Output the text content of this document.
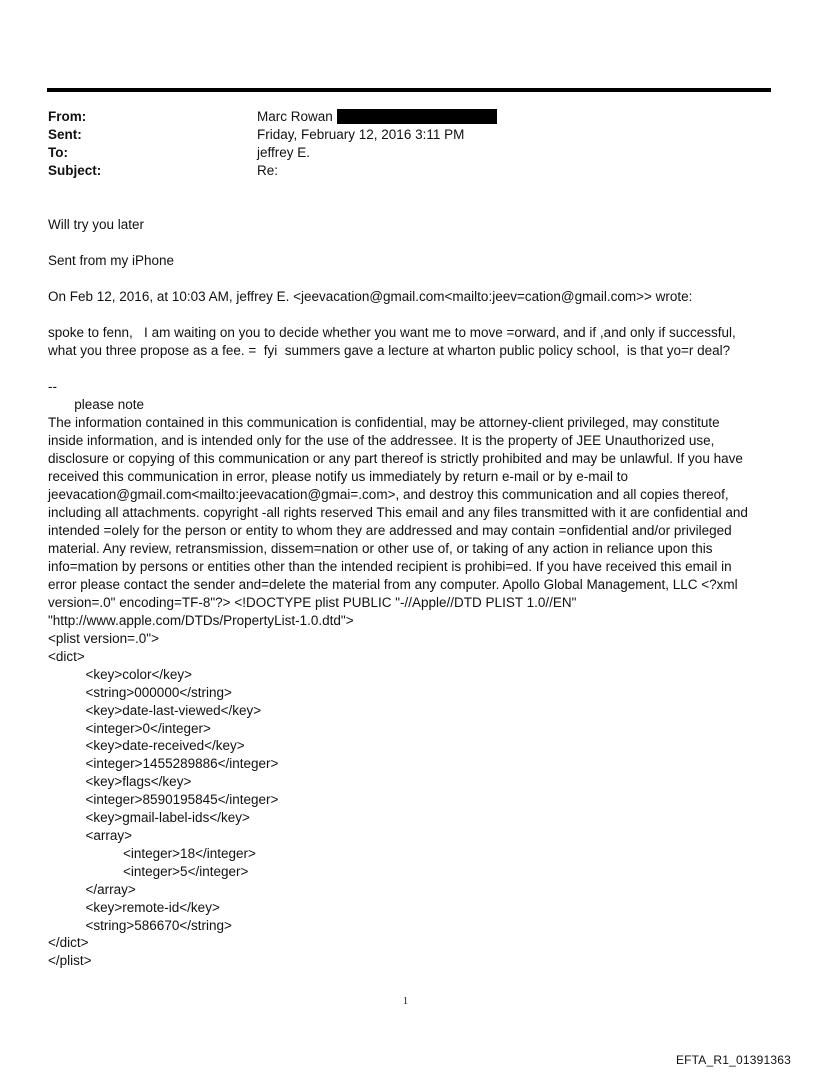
From:	Marc Rowan
Sent:	Friday, February 12, 2016 3:11 PM
To:	jeffrey E.
Subject:	Re:
Will try you later
Sent from my iPhone
On Feb 12, 2016, at 10:03 AM, jeffrey E. <jeevacation@gmail.com<mailto:jeev=cation@gmail.com>> wrote:
spoke to fenn,   I am waiting on you to decide whether you want me to move =orward, and if ,and only if successful,
what you three propose as a fee. =  fyi  summers gave a lecture at wharton public policy school,  is that yo=r deal?
--
please note
The information contained in this communication is confidential, may be attorney-client privileged, may constitute
inside information, and is intended only for the use of the addressee. It is the property of JEE Unauthorized use,
disclosure or copying of this communication or any part thereof is strictly prohibited and may be unlawful. If you have
received this communication in error, please notify us immediately by return e-mail or by e-mail to
jeevacation@gmail.com<mailto:jeevacation@gmai=.com>, and destroy this communication and all copies thereof,
including all attachments. copyright -all rights reserved This email and any files transmitted with it are confidential and
intended =olely for the person or entity to whom they are addressed and may contain =onfidential and/or privileged
material. Any review, retransmission, dissem=nation or other use of, or taking of any action in reliance upon this
info=mation by persons or entities other than the intended recipient is prohibi=ed. If you have received this email in
error please contact the sender and=delete the material from any computer. Apollo Global Management, LLC <?xml
version=.0" encoding=TF-8"?> <!DOCTYPE plist PUBLIC "-//Apple//DTD PLIST 1.0//EN"
"http://www.apple.com/DTDs/PropertyList-1.0.dtd">
<plist version=.0">
<dict>
<key>color</key>
<string>000000</string>
<key>date-last-viewed</key>
<integer>0</integer>
<key>date-received</key>
<integer>1455289886</integer>
<key>flags</key>
<integer>8590195845</integer>
<key>gmail-label-ids</key>
<array>
<integer>18</integer>
<integer>5</integer>
</array>
<key>remote-id</key>
<string>586670</string>
</dict>
</plist>
1
EFTA_R1_01391363
